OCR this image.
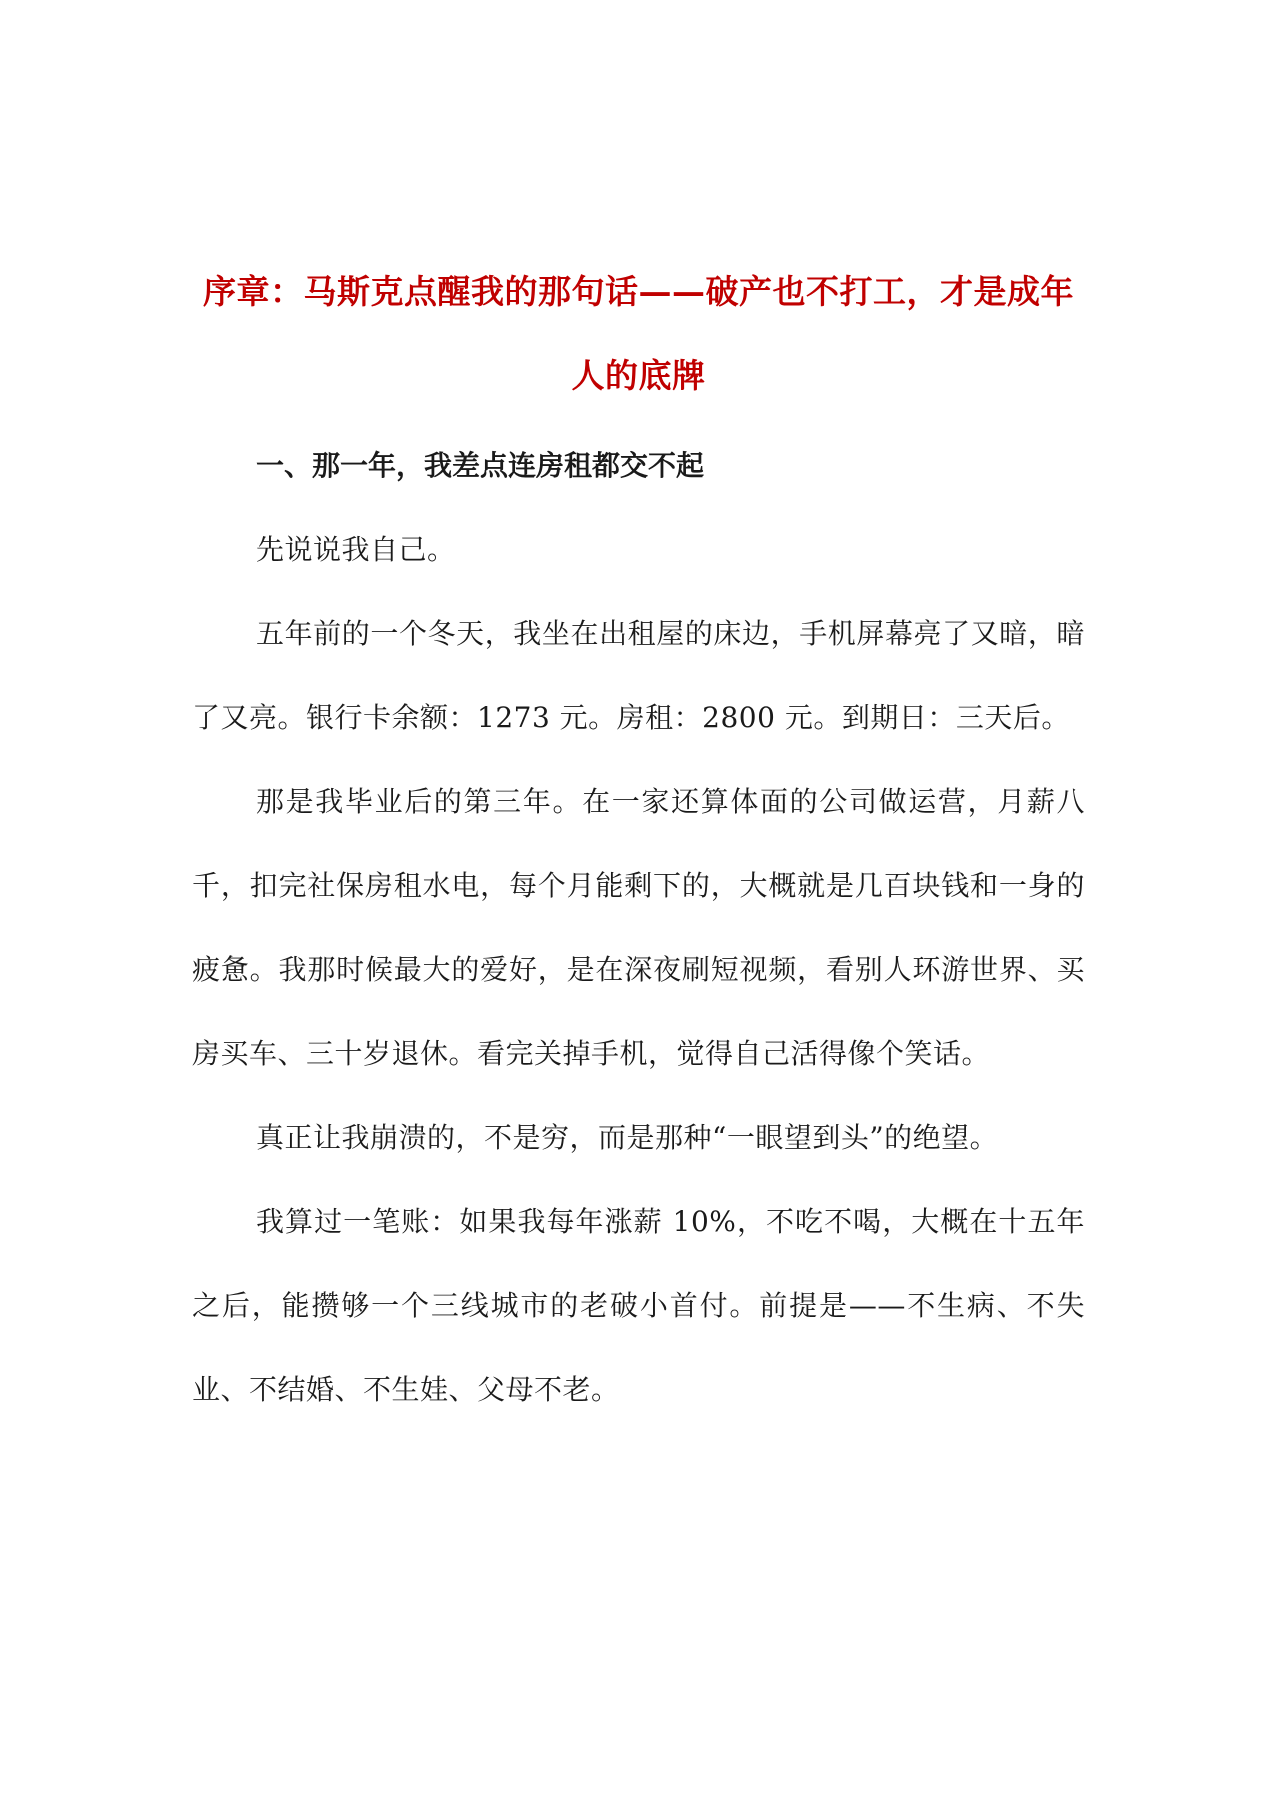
序章：马斯克点醒我的那句话——破产也不打工，才是成年人的底牌
一、那一年，我差点连房租都交不起

先说说我自己。

五年前的一个冬天，我坐在出租屋的床边，手机屏幕亮了又暗，暗了又亮。银行卡余额：1273 元。房租：2800 元。到期日：三天后。

那是我毕业后的第三年。在一家还算体面的公司做运营，月薪八千，扣完社保房租水电，每个月能剩下的，大概就是几百块钱和一身的疲惫。我那时候最大的爱好，是在深夜刷短视频，看别人环游世界、买房买车、三十岁退休。看完关掉手机，觉得自己活得像个笑话。

真正让我崩溃的，不是穷，而是那种“一眼望到头”的绝望。

我算过一笔账：如果我每年涨薪 10%，不吃不喝，大概在十五年之后，能攒够一个三线城市的老破小首付。前提是——不生病、不失业、不结婚、不生娃、父母不老。
